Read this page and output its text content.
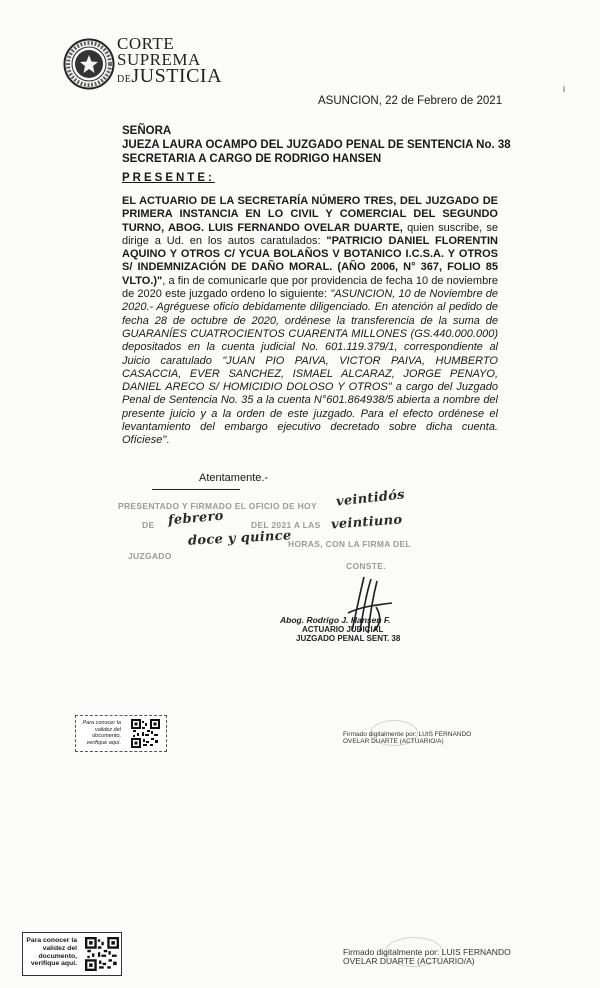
CORTE
SUPREMA
DEJUSTICIA
i
ASUNCION, 22 de Febrero de 2021
SEÑORA
JUEZA LAURA OCAMPO DEL JUZGADO PENAL DE SENTENCIA No. 38
SECRETARIA A CARGO DE RODRIGO HANSEN
PRESENTE:
EL ACTUARIO DE LA SECRETARÍA NÚMERO TRES, DEL JUZGADO DE PRIMERA INSTANCIA EN LO CIVIL Y COMERCIAL DEL SEGUNDO TURNO, ABOG. LUIS FERNANDO OVELAR DUARTE, quien suscribe, se dirige a Ud. en los autos caratulados: "PATRICIO DANIEL FLORENTIN AQUINO Y OTROS C/ YCUA BOLAÑOS V BOTANICO I.C.S.A. Y OTROS S/ INDEMNIZACIÓN DE DAÑO MORAL. (AÑO 2006, N° 367, FOLIO 85 VLTO.)", a fin de comunicarle que por providencia de fecha 10 de noviembre de 2020 este juzgado ordeno lo siguiente: "ASUNCION, 10 de Noviembre de 2020.- Agréguese oficio debidamente diligenciado. En atención al pedido de fecha 28 de octubre de 2020, ordénese la transferencia de la suma de GUARANÍES CUATROCIENTOS CUARENTA MILLONES (GS.440.000.000) depositados en la cuenta judicial No. 601.119.379/1, correspondiente al Juicio caratulado "JUAN PIO PAIVA, VICTOR PAIVA, HUMBERTO CASACCIA, EVER SANCHEZ, ISMAEL ALCARAZ, JORGE PENAYO, DANIEL ARECO S/ HOMICIDIO DOLOSO Y OTROS" a cargo del Juzgado Penal de Sentencia No. 35 a la cuenta N°601.864938/5 abierta a nombre del presente juicio y a la orden de este juzgado. Para el efecto ordénese el levantamiento del embargo ejecutivo decretado sobre dicha cuenta. Ofíciese".
Atentamente.-
PRESENTADO Y FIRMADO EL OFICIO DE HOY
DE	DEL 2021 A LAS
HORAS, CON LA FIRMA DEL
JUZGADO
CONSTE.
veintidós
febrero	veintiuno
doce y quince
Abog. Rodrigo J. Hansen F.
ACTUARIO JUDICIAL
JUZGADO PENAL SENT. 38
Para conocer la validez del documento, verifique aquí.
Firmado digitalmente por: LUIS FERNANDO
OVELAR DUARTE (ACTUARIO/A)
Para conocer la validez del documento, verifique aquí.
Firmado digitalmente por: LUIS FERNANDO
OVELAR DUARTE (ACTUARIO/A)
